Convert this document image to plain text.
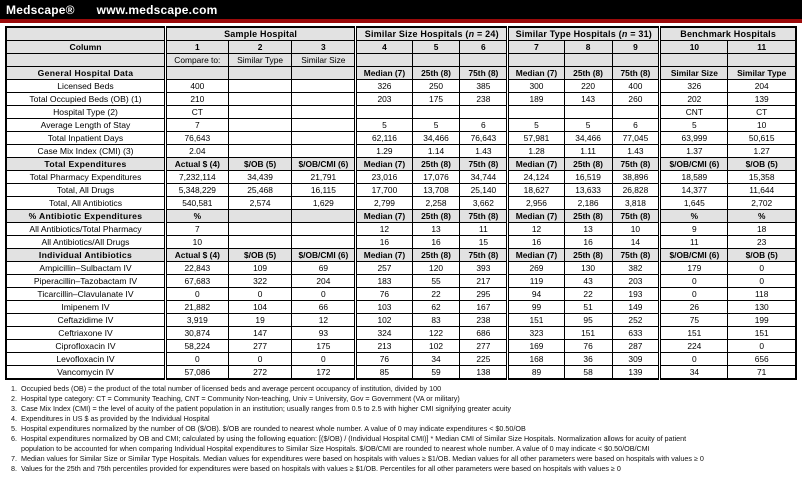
Medscape® www.medscape.com
	Sample Hospital			Similar Size Hospitals (n = 24)			Similar Type Hospitals (n = 31)			Benchmark Hospitals	
Column	1	2	3	4	5	6	7	8	9	10	11
	Compare to:	Similar Type	Similar Size								
General Hospital Data				Median (7)	25th (8)	75th (8)	Median (7)	25th (8)	75th (8)	Similar Size	Similar Type
Licensed Beds	400			326	250	385	300	220	400	326	204
Total Occupied Beds (OB) (1)	210			203	175	238	189	143	260	202	139
Hospital Type (2)	CT									CNT	CT
Average Length of Stay	7			5	5	6	5	5	6	5	10
Total Inpatient Days	76,643			62,116	34,466	76,643	57,981	34,466	77,045	63,999	50,615
Case Mix Index (CMI) (3)	2.04			1.29	1.14	1.43	1.28	1.11	1.43	1.37	1.27
Total Expenditures	Actual $ (4)	$/OB (5)	$/OB/CMI (6)	Median (7)	25th (8)	75th (8)	Median (7)	25th (8)	75th (8)	$/OB/CMI (6)	$/OB (5)
Total Pharmacy Expenditures	7,232,114	34,439	21,791	23,016	17,076	34,744	24,124	16,519	38,896	18,589	15,358
Total, All Drugs	5,348,229	25,468	16,115	17,700	13,708	25,140	18,627	13,633	26,828	14,377	11,644
Total, All Antibiotics	540,581	2,574	1,629	2,799	2,258	3,662	2,956	2,186	3,818	1,645	2,702
% Antibiotic Expenditures	%			Median (7)	25th (8)	75th (8)	Median (7)	25th (8)	75th (8)	%	%
All Antibiotics/Total Pharmacy	7			12	13	11	12	13	10	9	18
All Antibiotics/All Drugs	10			16	16	15	16	16	14	11	23
Individual Antibiotics	Actual $ (4)	$/OB (5)	$/OB/CMI (6)	Median (7)	25th (8)	75th (8)	Median (7)	25th (8)	75th (8)	$/OB/CMI (6)	$/OB (5)
Ampicillin–Sulbactam IV	22,843	109	69	257	120	393	269	130	382	179	0
Piperacillin–Tazobactam IV	67,683	322	204	183	55	217	119	43	203	0	0
Ticarcillin–Clavulanate IV	0	0	0	76	22	295	94	22	193	0	118
Imipenem IV	21,882	104	66	103	62	167	99	51	149	26	130
Ceftazidime IV	3,919	19	12	102	83	238	151	95	252	75	199
Ceftriaxone IV	30,874	147	93	324	122	686	323	151	633	151	151
Ciprofloxacin IV	58,224	277	175	213	102	277	169	76	287	224	0
Levofloxacin IV	0	0	0	76	34	225	168	36	309	0	656
Vancomycin IV	57,086	272	172	85	59	138	89	58	139	34	71
1. Occupied beds (OB) = the product of the total number of licensed beds and average percent occupancy of institution, divided by 100
2. Hospital type category: CT = Community Teaching, CNT = Community Non-teaching, Univ = University, Gov = Government (VA or military)
3. Case Mix Index (CMI) = the level of acuity of the patient population in an institution; usually ranges from 0.5 to 2.5 with higher CMI signifying greater acuity
4. Expenditures in US $ as provided by the Individual Hospital
5. Hospital expenditures normalized by the number of OB ($/OB). $/OB are rounded to nearest whole number. A value of 0 may indicate expenditures < $0.50/OB
6. Hospital expenditures normalized by OB and CMI; calculated by using the following equation: [($/OB) / (Individual Hospital CMI)] * Median CMI of Similar Size Hospitals. Normalization allows for acuity of patient
population to be accounted for when comparing Individual Hospital expenditures to Similar Size Hospitals. $/OB/CMI are rounded to nearest whole number. A value of 0 may indicate < $0.50/OB/CMI
7. Median values for Similar Size or Similar Type Hospitals. Median values for expenditures were based on hospitals with values ≥ $1/OB. Median values for all other parameters were based on hospitals with values ≥ 0
8. Values for the 25th and 75th percentiles provided for expenditures were based on hospitals with values ≥ $1/OB. Percentiles for all other parameters were based on hospitals with values ≥ 0
